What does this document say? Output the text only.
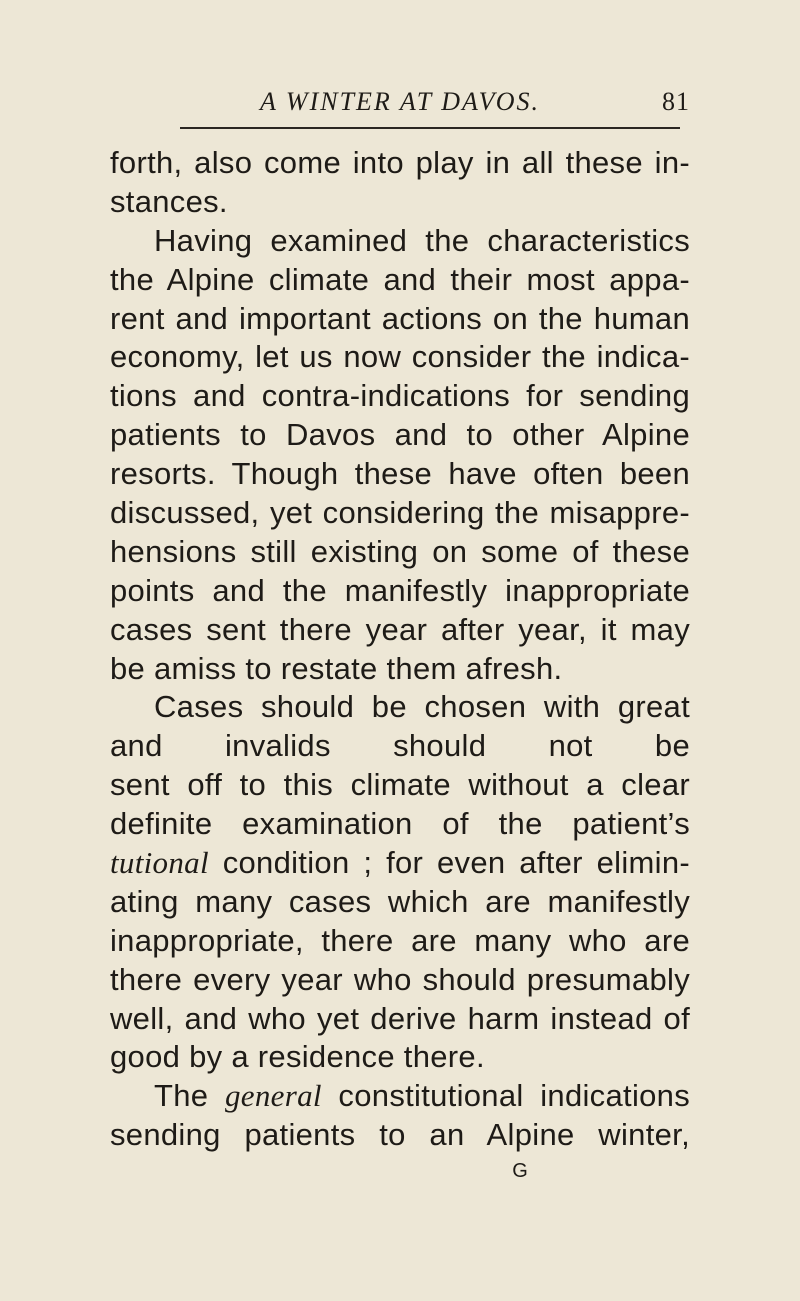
A WINTER AT DAVOS.	81
forth, also come into play in all these in-
stances.
Having examined the characteristics
the Alpine climate and their most appa-
rent and important actions on the human
economy, let us now consider the indica-
tions and contra-indications for sending
patients to Davos and to other Alpine
resorts. Though these have often been
discussed, yet considering the misappre-
hensions still existing on some of these
points and the manifestly inappropriate
cases sent there year after year, it may
be amiss to restate them afresh.
Cases should be chosen with great
and invalids should not be
sent off to this climate without a clear
definite examination of the patient’s
tutional condition ; for even after elimin-
ating many cases which are manifestly
inappropriate, there are many who are
there every year who should presumably
well, and who yet derive harm instead of
good by a residence there.
The general constitutional indications
sending patients to an Alpine winter,
G
